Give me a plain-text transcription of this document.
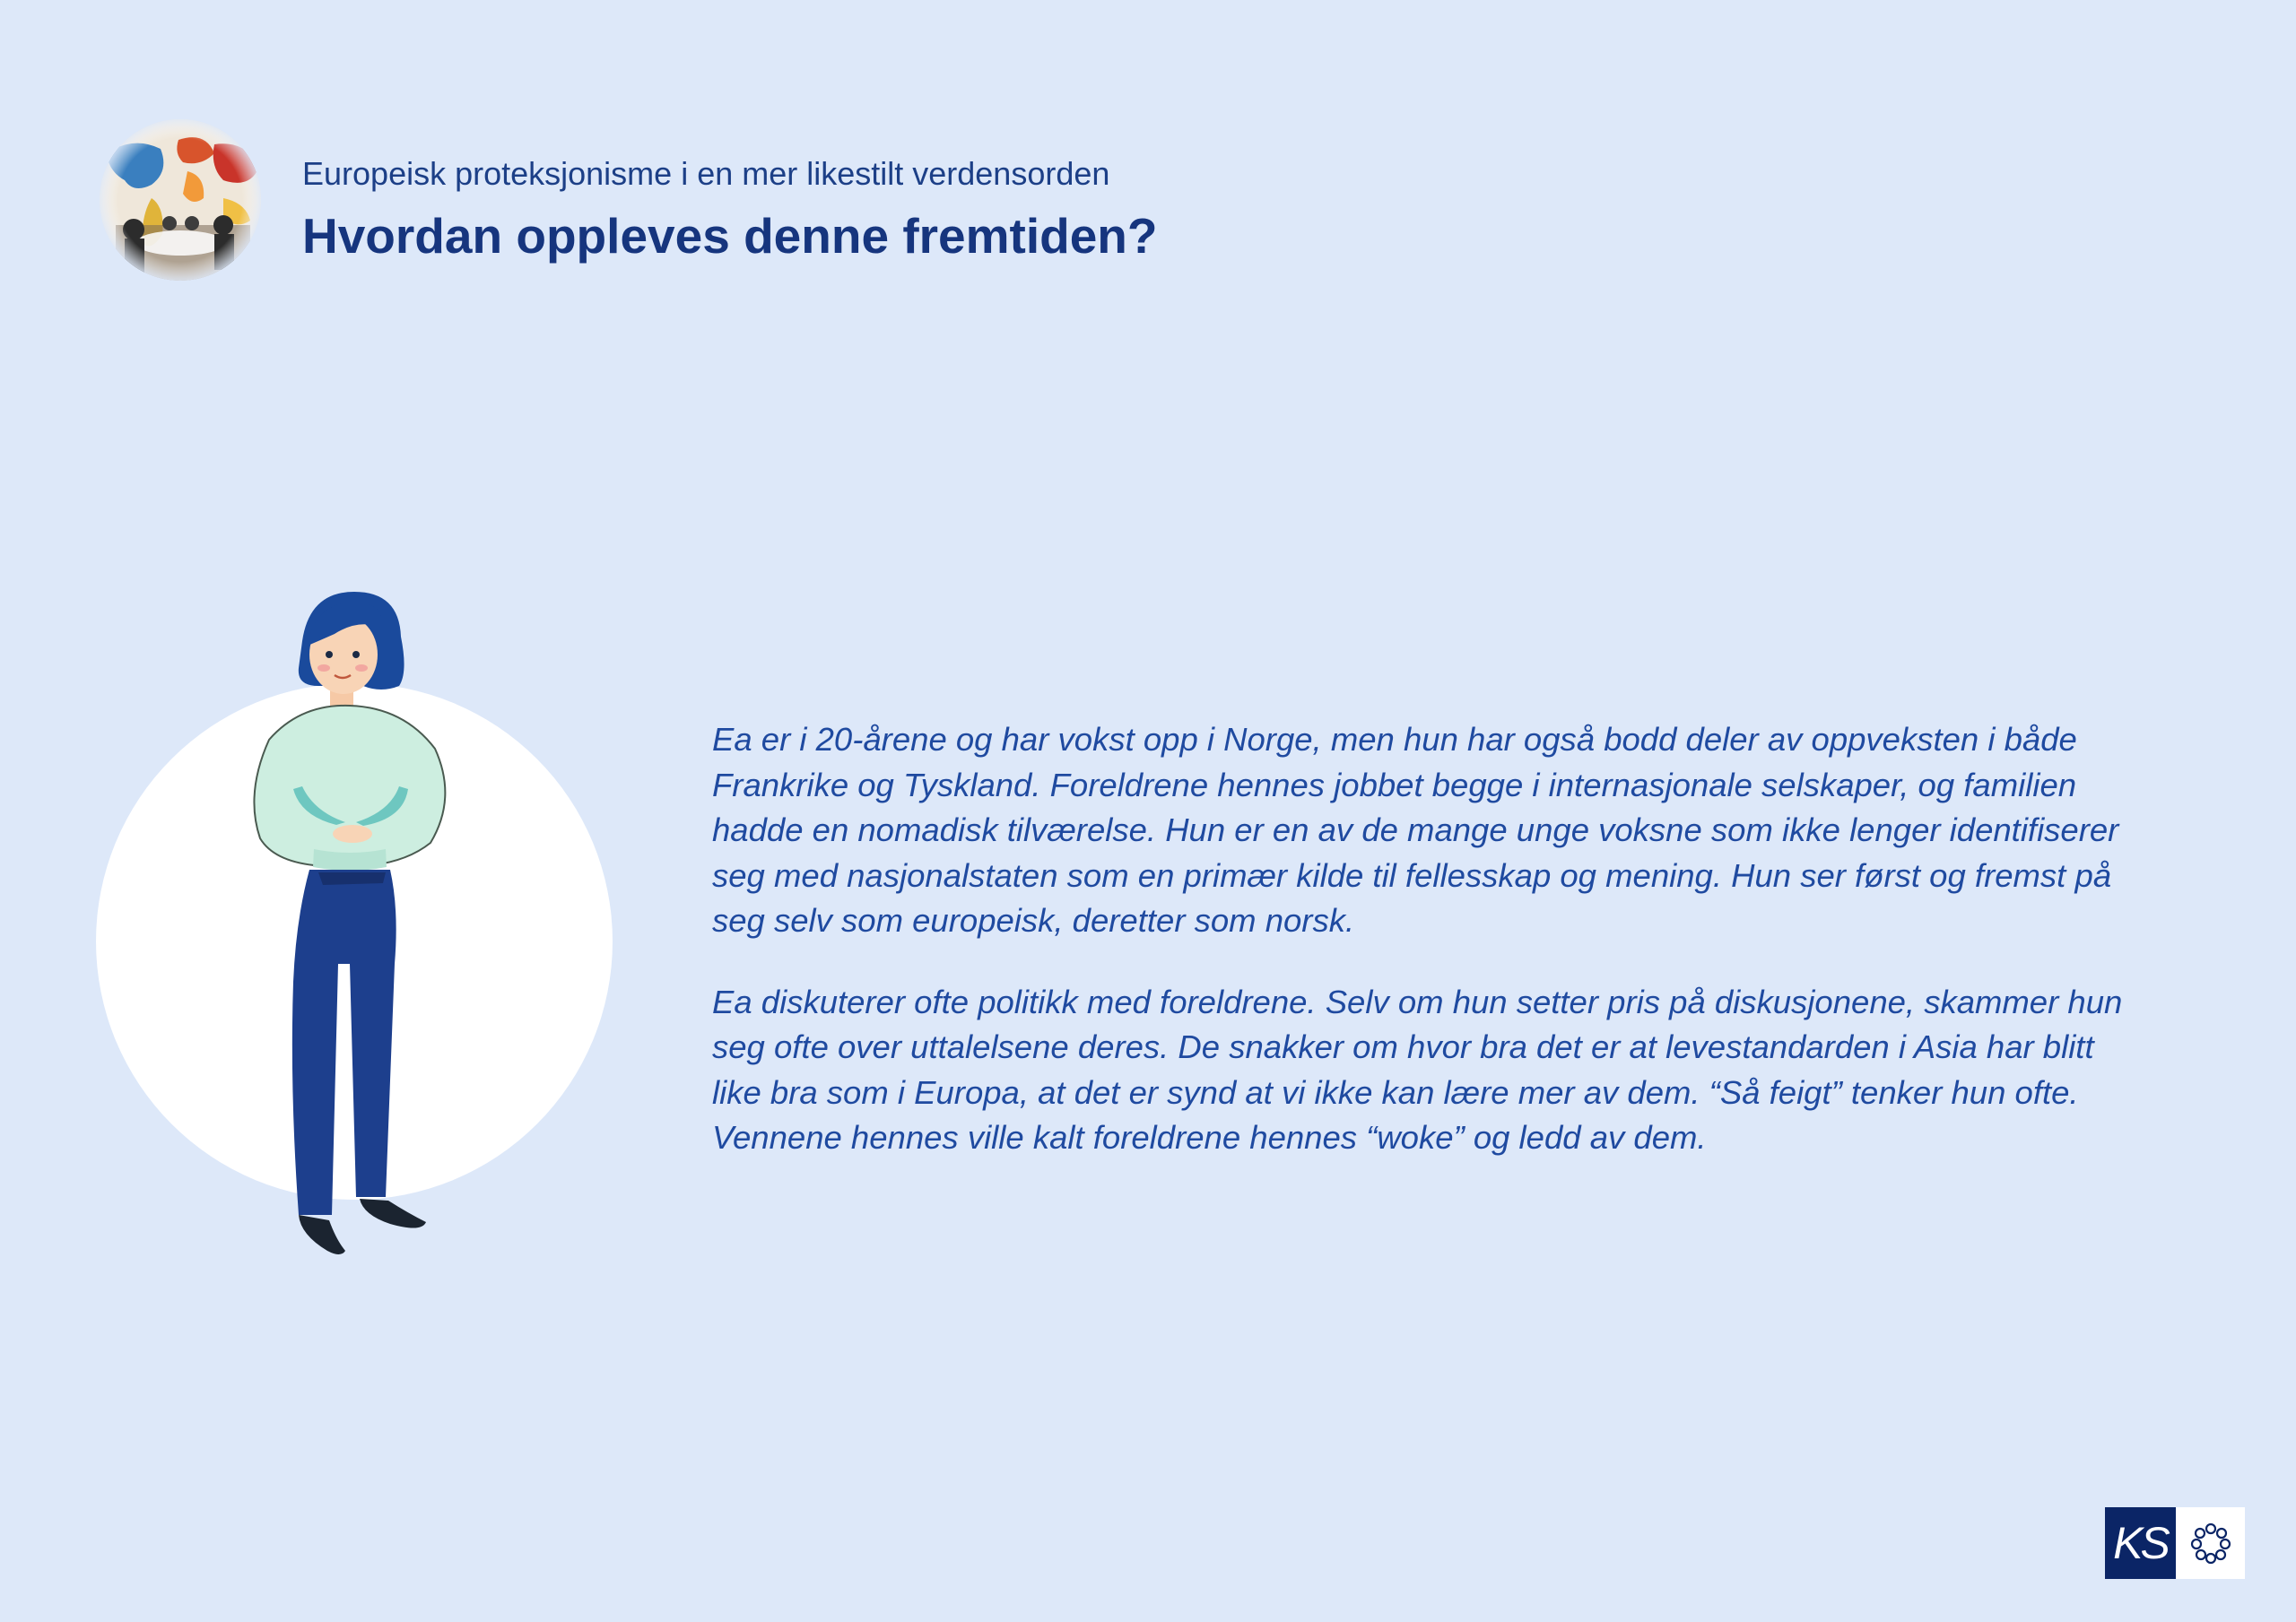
Europeisk proteksjonisme i en mer likestilt verdensorden
Hvordan oppleves denne fremtiden?

Ea er i 20-årene og har vokst opp i Norge, men hun har også bodd deler av oppveksten i både Frankrike og Tyskland. Foreldrene hennes jobbet begge i internasjonale selskaper, og familien hadde en nomadisk tilværelse. Hun er en av de mange unge voksne som ikke lenger identifiserer seg med nasjonalstaten som en primær kilde til fellesskap og mening. Hun ser først og fremst på seg selv som europeisk, deretter som norsk.

Ea diskuterer ofte politikk med foreldrene. Selv om hun setter pris på diskusjonene, skammer hun seg ofte over uttalelsene deres. De snakker om hvor bra det er at levestandarden i Asia har blitt like bra som i Europa, at det er synd at vi ikke kan lære mer av dem. “Så feigt” tenker hun ofte. Vennene hennes ville kalt foreldrene hennes “woke” og ledd av dem.

KS
